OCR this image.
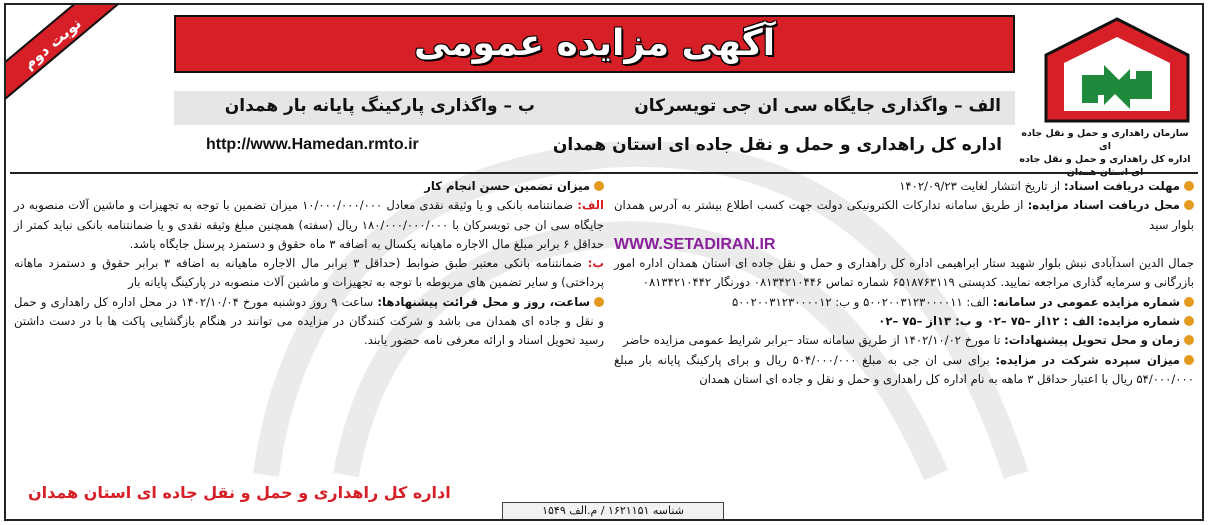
نوبت دوم	آگهی مزایده عمومی
الف – واگذاری جایگاه سی ان جی تویسرکان
ب – واگذاری پارکینگ پایانه بار همدان
اداره کل راهداری و حمل و نقل جاده ای استان همدان
http://www.Hamedan.rmto.ir
سازمان راهداری و حمل و نقل جاده ای
اداره کل راهداری و حمل و نقل جاده
مهلت دریافت اسناد: از تاریخ انتشار لغایت ۱۴۰۲/۰۹/۲۳
محل دریافت اسناد مزایده: از طریق سامانه تدارکات الکترونیکی دولت جهت کسب اطلاع بیشتر به آدرس همدان بلوار سید
WWW.SETADIRAN.IR
جمال الدین اسدآبادی نبش بلوار شهید ستار ابراهیمی اداره کل راهداری و حمل و نقل جاده ای استان همدان اداره امور بازرگانی و سرمایه گذاری مراجعه نمایید. کدپستی ۶۵۱۸۷۶۳۱۱۹ شماره تماس ۰۸۱۳۴۲۱۰۴۴۶ دورنگار ۰۸۱۳۴۲۱۰۴۴۲
شماره مزایده عمومی در سامانه: الف: ۵۰۰۲۰۰۳۱۲۳۰۰۰۰۱۱ و ب: ۵۰۰۲۰۰۳۱۲۳۰۰۰۰۱۲
شماره مزایده: الف : ۱۲از –۷۵ –۰۲ و ب: ۱۳از –۷۵ –۰۲
زمان و محل تحویل پیشنهادات: تا مورخ ۱۴۰۲/۱۰/۰۲ از طریق سامانه ستاد –برابر شرایط عمومی مزایده حاضر
میزان سپرده شرکت در مزایده: برای سی ان جی به مبلغ ۵۰۴/۰۰۰/۰۰۰ ریال و برای پارکینگ پایانه بار مبلغ ۵۴/۰۰۰/۰۰۰ ریال با اعتبار حداقل ۳ ماهه به نام اداره کل راهداری و حمل و نقل و جاده ای استان همدان
میزان تضمین حسن انجام کار
الف: ضمانتنامه بانکی و یا وثیقه نقدی معادل ۱۰/۰۰۰/۰۰۰/۰۰۰ میزان تضمین با توجه به تجهیزات و ماشین آلات منصوبه در جایگاه سی ان جی تویسرکان با ۱۸۰/۰۰۰/۰۰۰/۰۰۰ ریال (سفته) همچنین مبلغ وثیقه نقدی و یا ضمانتنامه بانکی نباید کمتر از حداقل ۶ برابر مبلغ مال الاجاره ماهیانه یکسال به اضافه ۳ ماه حقوق و دستمزد پرسنل جایگاه باشد.
ب: ضمانتنامه بانکی معتبر طبق ضوابط (حداقل ۳ برابر مال الاجاره ماهیانه به اضافه ۳ برابر حقوق و دستمزد ماهانه پرداختی) و سایر تضمین های مربوطه با توجه به تجهیزات و ماشین آلات منصوبه در پارکینگ پایانه بار
ساعت، روز و محل قرائت پیشنهادها: ساعت ۹ روز دوشنبه مورخ ۱۴۰۲/۱۰/۰۴ در محل اداره کل راهداری و حمل و نقل و جاده ای همدان می باشد و شرکت کنندگان در مزایده می توانند در هنگام بازگشایی پاکت ها با در دست داشتن رسید تحویل اسناد و ارائه معرفی نامه حضور یابند.
اداره کل راهداری و حمل و نقل جاده ای استان همدان
شناسه ۱۶۲۱۱۵۱ / م.الف ۱۵۴۹
